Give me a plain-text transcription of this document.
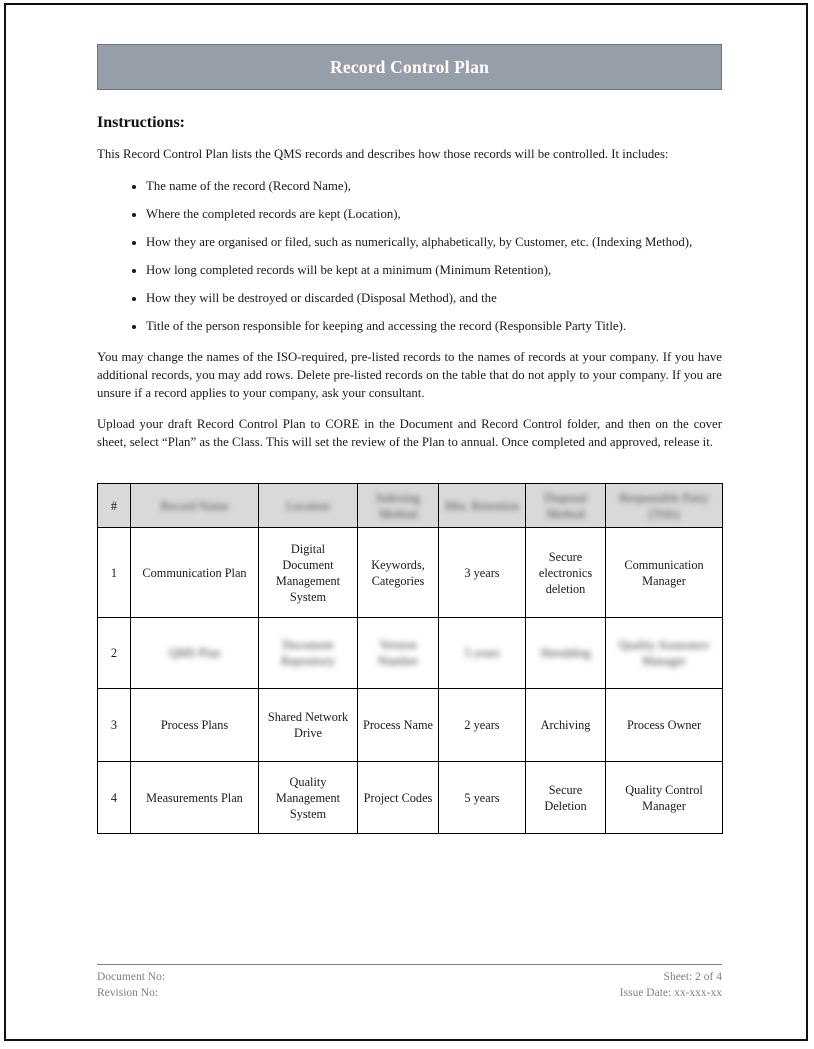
Record Control Plan
Instructions:

This Record Control Plan lists the QMS records and describes how those records will be controlled. It includes:

• The name of the record (Record Name),
• Where the completed records are kept (Location),
• How they are organised or filed, such as numerically, alphabetically, by Customer, etc. (Indexing Method),
• How long completed records will be kept at a minimum (Minimum Retention),
• How they will be destroyed or discarded (Disposal Method), and the
• Title of the person responsible for keeping and accessing the record (Responsible Party Title).

You may change the names of the ISO-required, pre-listed records to the names of records at your company. If you have additional records, you may add rows. Delete pre-listed records on the table that do not apply to your company. If you are unsure if a record applies to your company, ask your consultant.

Upload your draft Record Control Plan to CORE in the Document and Record Control folder, and then on the cover sheet, select “Plan” as the Class. This will set the review of the Plan to annual. Once completed and approved, release it.

#	Record Name	Location	Indexing Method	Min. Retention	Disposal Method	Responsible Party (Title)
1	Communication Plan	Digital Document Management System	Keywords, Categories	3 years	Secure electronics deletion	Communication Manager
2	QMS Plan	Document Repository	Version Number	5 years	Shredding	Quality Assurance Manager
3	Process Plans	Shared Network Drive	Process Name	2 years	Archiving	Process Owner
4	Measurements Plan	Quality Management System	Project Codes	5 years	Secure Deletion	Quality Control Manager
Document No:
Revision No:
Sheet: 2 of 4
Issue Date: xx-xxx-xx
